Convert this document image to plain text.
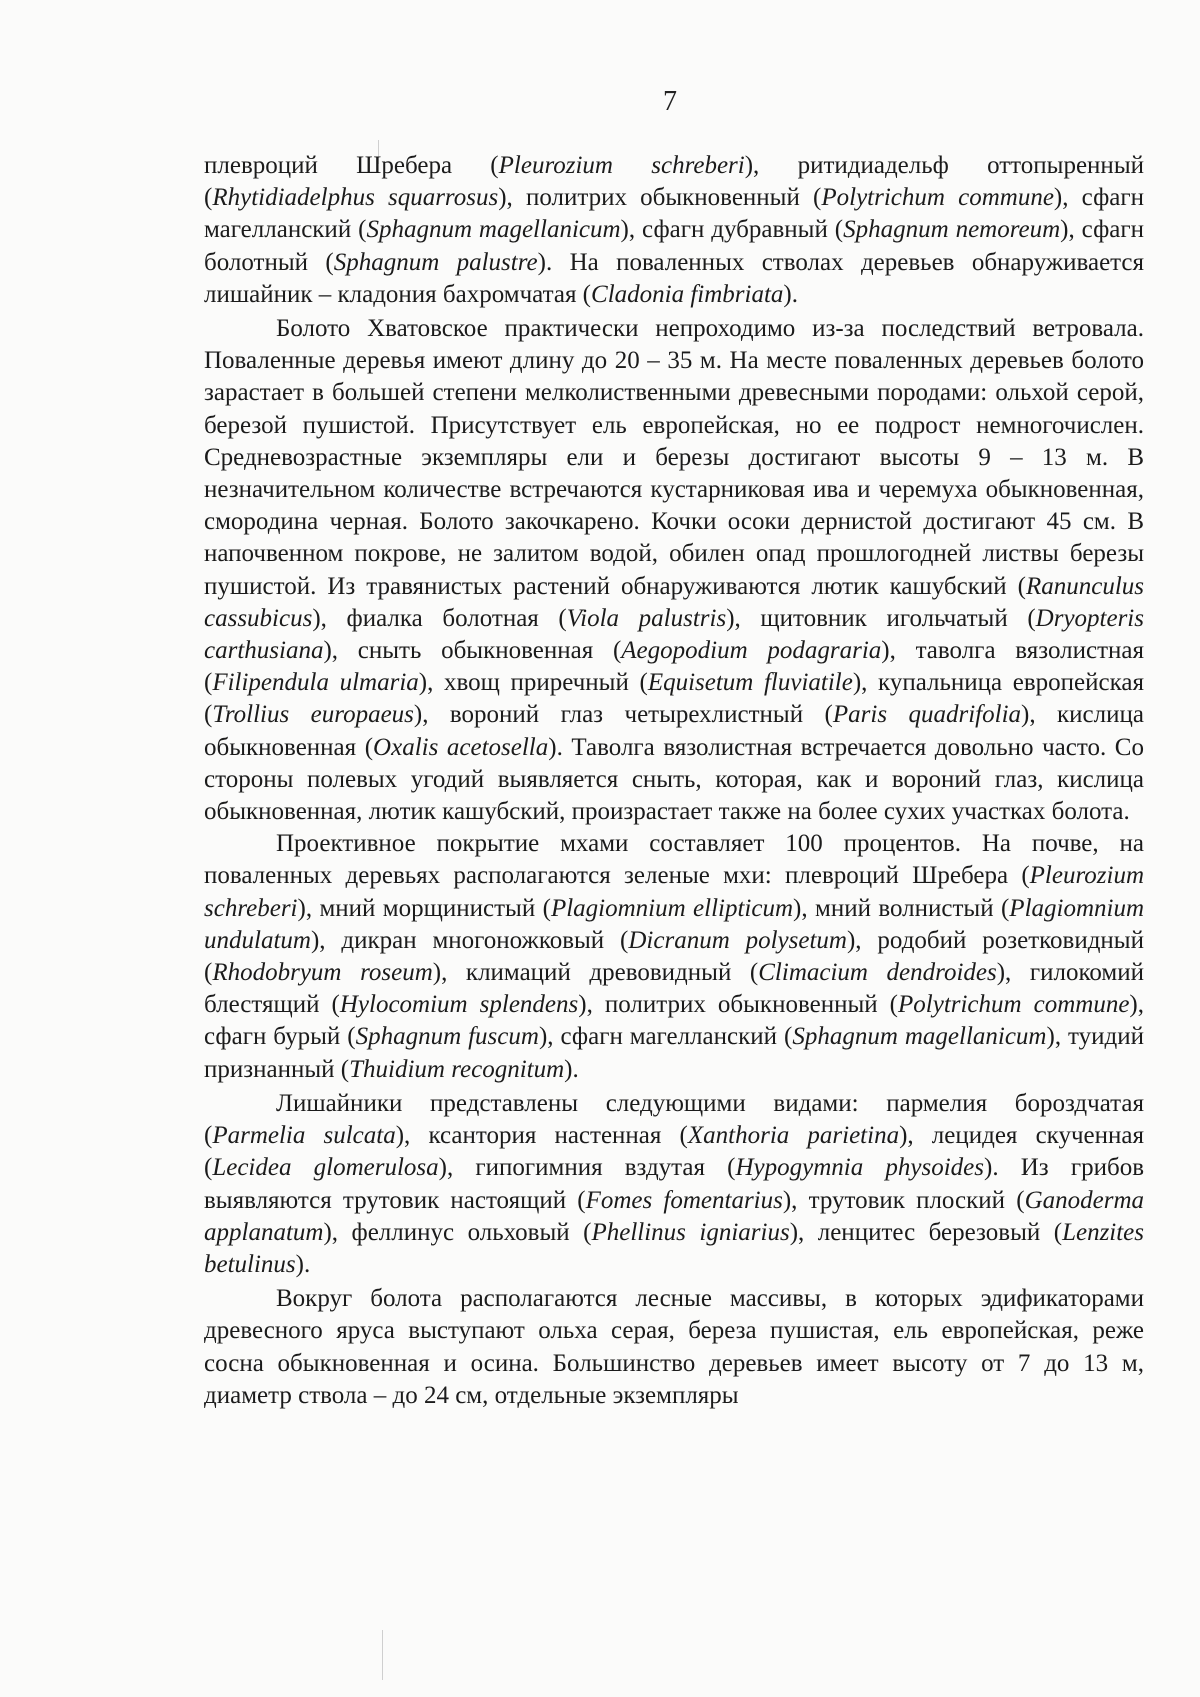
7

плевроций Шребера (Pleurozium schreberi), ритидиадельф оттопыренный (Rhytidiadelphus squarrosus), политрих обыкновенный (Polytrichum commune), сфагн магелланский (Sphagnum magellanicum), сфагн дубравный (Sphagnum nemoreum), сфагн болотный (Sphagnum palustre). На поваленных стволах деревьев обнаруживается лишайник – кладония бахромчатая (Cladonia fimbriata).

Болото Хватовское практически непроходимо из-за последствий ветровала. Поваленные деревья имеют длину до 20 – 35 м. На месте поваленных деревьев болото зарастает в большей степени мелколиственными древесными породами: ольхой серой, березой пушистой. Присутствует ель европейская, но ее подрост немногочислен. Средневозрастные экземпляры ели и березы достигают высоты 9 – 13 м. В незначительном количестве встречаются кустарниковая ива и черемуха обыкновенная, смородина черная. Болото закочкарено. Кочки осоки дернистой достигают 45 см. В напочвенном покрове, не залитом водой, обилен опад прошлогодней листвы березы пушистой. Из травянистых растений обнаруживаются лютик кашубский (Ranunculus cassubicus), фиалка болотная (Viola palustris), щитовник игольчатый (Dryopteris carthusiana), сныть обыкновенная (Aegopodium podagraria), таволга вязолистная (Filipendula ulmaria), хвощ приречный (Equisetum fluviatile), купальница европейская (Trollius europaeus), вороний глаз четырехлистный (Paris quadrifolia), кислица обыкновенная (Oxalis acetosella). Таволга вязолистная встречается довольно часто. Со стороны полевых угодий выявляется сныть, которая, как и вороний глаз, кислица обыкновенная, лютик кашубский, произрастает также на более сухих участках болота.

Проективное покрытие мхами составляет 100 процентов. На почве, на поваленных деревьях располагаются зеленые мхи: плевроций Шребера (Pleurozium schreberi), мний морщинистый (Plagiomnium ellipticum), мний волнистый (Plagiomnium undulatum), дикран многоножковый (Dicranum polysetum), родобий розетковидный (Rhodobryum roseum), климаций древовидный (Climacium dendroides), гилокомий блестящий (Hylocomium splendens), политрих обыкновенный (Polytrichum commune), сфагн бурый (Sphagnum fuscum), сфагн магелланский (Sphagnum magellanicum), туидий признанный (Thuidium recognitum).

Лишайники представлены следующими видами: пармелия бороздчатая (Parmelia sulcata), ксантория настенная (Xanthoria parietina), лецидея скученная (Lecidea glomerulosa), гипогимния вздутая (Hypogymnia physoides). Из грибов выявляются трутовик настоящий (Fomes fomentarius), трутовик плоский (Ganoderma applanatum), феллинус ольховый (Phellinus igniarius), ленцитес березовый (Lenzites betulinus).

Вокруг болота располагаются лесные массивы, в которых эдификаторами древесного яруса выступают ольха серая, береза пушистая, ель европейская, реже сосна обыкновенная и осина. Большинство деревьев имеет высоту от 7 до 13 м, диаметр ствола – до 24 см, отдельные экземпляры
